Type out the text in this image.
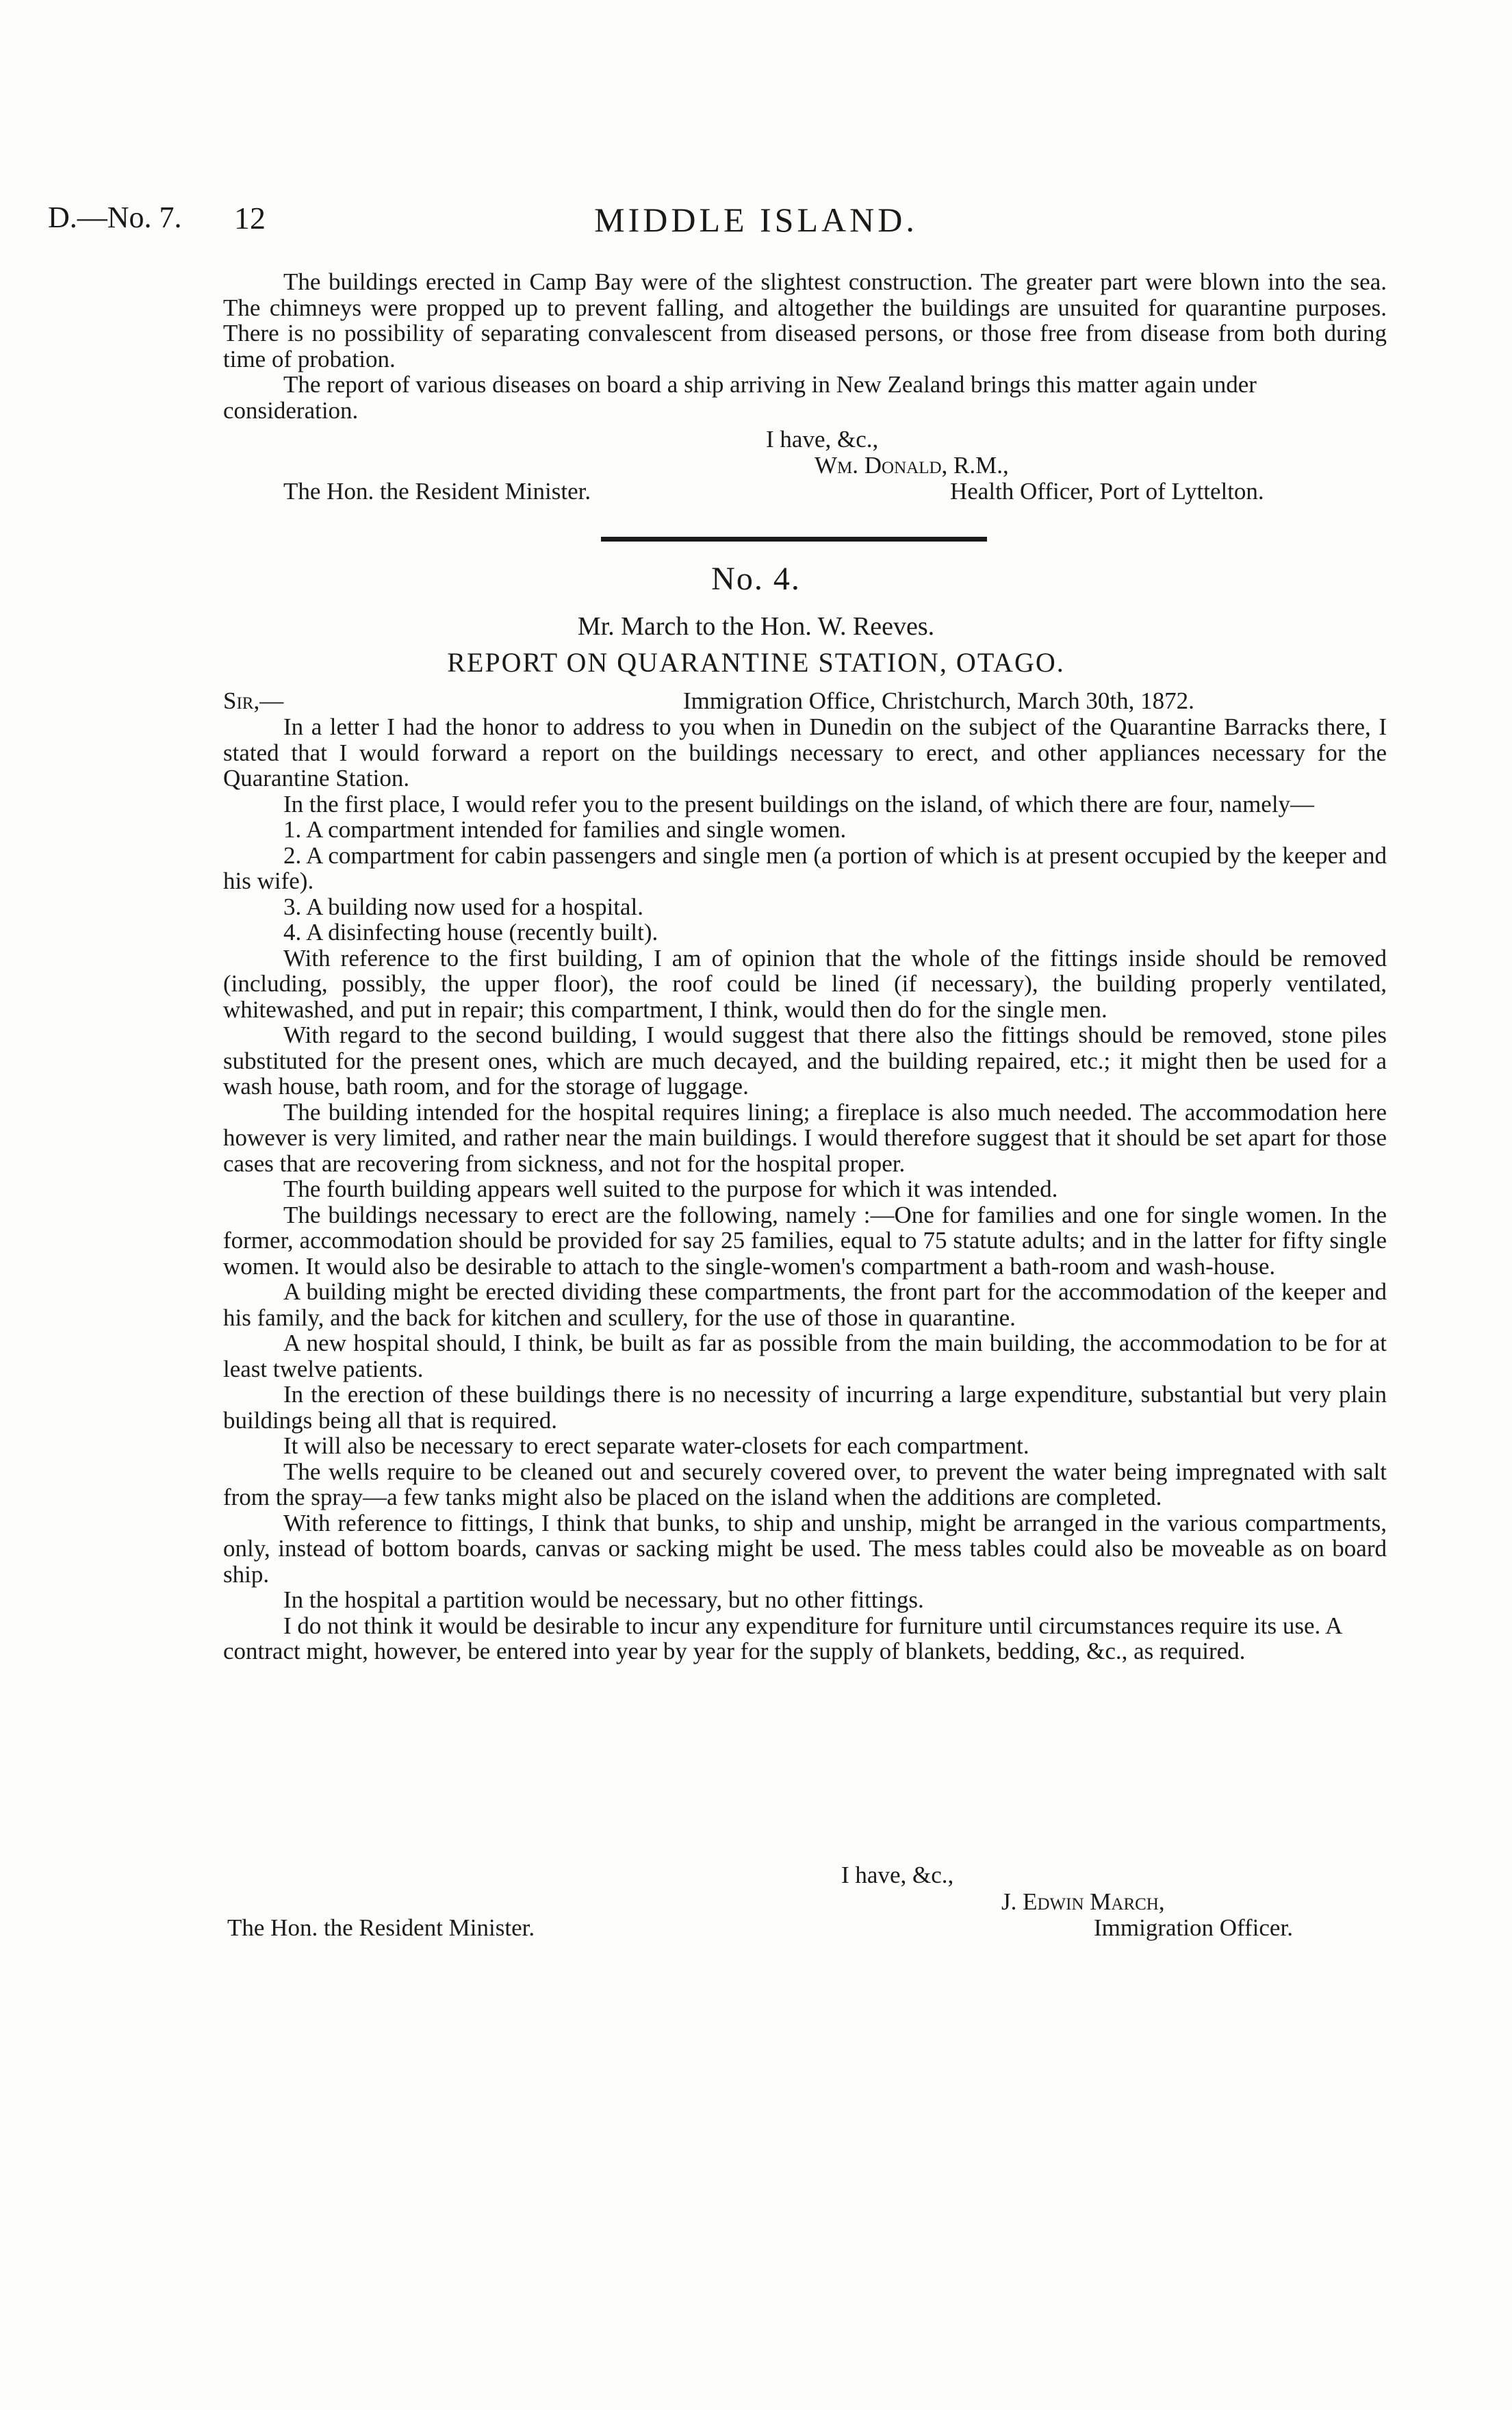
D.—No. 7. 12	MIDDLE ISLAND.

The buildings erected in Camp Bay were of the slightest construction. The greater part were blown into the sea. The chimneys were propped up to prevent falling, and altogether the buildings are unsuited for quarantine purposes. There is no possibility of separating convalescent from diseased persons, or those free from disease from both during time of probation.

The report of various diseases on board a ship arriving in New Zealand brings this matter again under consideration.

I have, &c.,
Wm. Donald, R.M.,
The Hon. the Resident Minister.	Health Officer, Port of Lyttelton.
No. 4.
Mr. March to the Hon. W. Reeves.
REPORT ON QUARANTINE STATION, OTAGO.
Sir,—	Immigration Office, Christchurch, March 30th, 1872.

In a letter I had the honor to address to you when in Dunedin on the subject of the Quarantine Barracks there, I stated that I would forward a report on the buildings necessary to erect, and other appliances necessary for the Quarantine Station.

In the first place, I would refer you to the present buildings on the island, of which there are four, namely—

1. A compartment intended for families and single women.

2. A compartment for cabin passengers and single men (a portion of which is at present occupied by the keeper and his wife).

3. A building now used for a hospital.

4. A disinfecting house (recently built).

With reference to the first building, I am of opinion that the whole of the fittings inside should be removed (including, possibly, the upper floor), the roof could be lined (if necessary), the building properly ventilated, whitewashed, and put in repair; this compartment, I think, would then do for the single men.

With regard to the second building, I would suggest that there also the fittings should be removed, stone piles substituted for the present ones, which are much decayed, and the building repaired, etc.; it might then be used for a wash house, bath room, and for the storage of luggage.

The building intended for the hospital requires lining; a fireplace is also much needed. The accommodation here however is very limited, and rather near the main buildings. I would therefore suggest that it should be set apart for those cases that are recovering from sickness, and not for the hospital proper.

The fourth building appears well suited to the purpose for which it was intended.

The buildings necessary to erect are the following, namely :—One for families and one for single women. In the former, accommodation should be provided for say 25 families, equal to 75 statute adults; and in the latter for fifty single women. It would also be desirable to attach to the single-women's compartment a bath-room and wash-house.

A building might be erected dividing these compartments, the front part for the accommodation of the keeper and his family, and the back for kitchen and scullery, for the use of those in quarantine.

A new hospital should, I think, be built as far as possible from the main building, the accommodation to be for at least twelve patients.

In the erection of these buildings there is no necessity of incurring a large expenditure, substantial but very plain buildings being all that is required.

It will also be necessary to erect separate water-closets for each compartment.

The wells require to be cleaned out and securely covered over, to prevent the water being impregnated with salt from the spray—a few tanks might also be placed on the island when the additions are completed.

With reference to fittings, I think that bunks, to ship and unship, might be arranged in the various compartments, only, instead of bottom boards, canvas or sacking might be used. The mess tables could also be moveable as on board ship.

In the hospital a partition would be necessary, but no other fittings.

I do not think it would be desirable to incur any expenditure for furniture until circumstances require its use. A contract might, however, be entered into year by year for the supply of blankets, bedding, &c., as required.

I have, &c.,
J. Edwin March,
The Hon. the Resident Minister.	Immigration Officer.
